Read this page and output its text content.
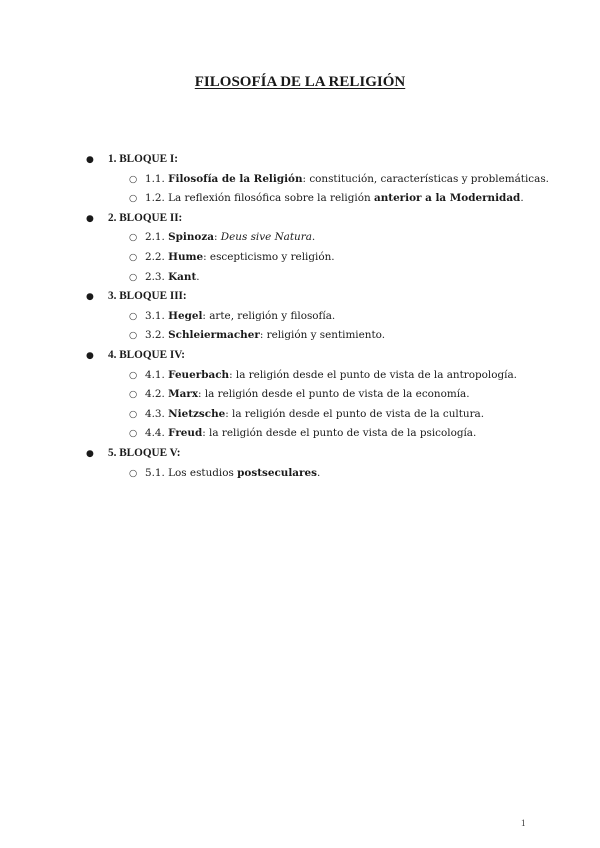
FILOSOFÍA DE LA RELIGIÓN
●	1. BLOQUE I:
○ 1.1. Filosofía de la Religión: constitución, características y problemáticas.
○ 1.2. La reflexión filosófica sobre la religión anterior a la Modernidad.
●	2. BLOQUE II:
○ 2.1. Spinoza: Deus sive Natura.
○ 2.2. Hume: escepticismo y religión.
○ 2.3. Kant.
●	3. BLOQUE III:
○ 3.1. Hegel: arte, religión y filosofía.
○ 3.2. Schleiermacher: religión y sentimiento.
●	4. BLOQUE IV:
○ 4.1. Feuerbach: la religión desde el punto de vista de la antropología.
○ 4.2. Marx: la religión desde el punto de vista de la economía.
○ 4.3. Nietzsche: la religión desde el punto de vista de la cultura.
○ 4.4. Freud: la religión desde el punto de vista de la psicología.
●	5. BLOQUE V:
○ 5.1. Los estudios postseculares.
1
